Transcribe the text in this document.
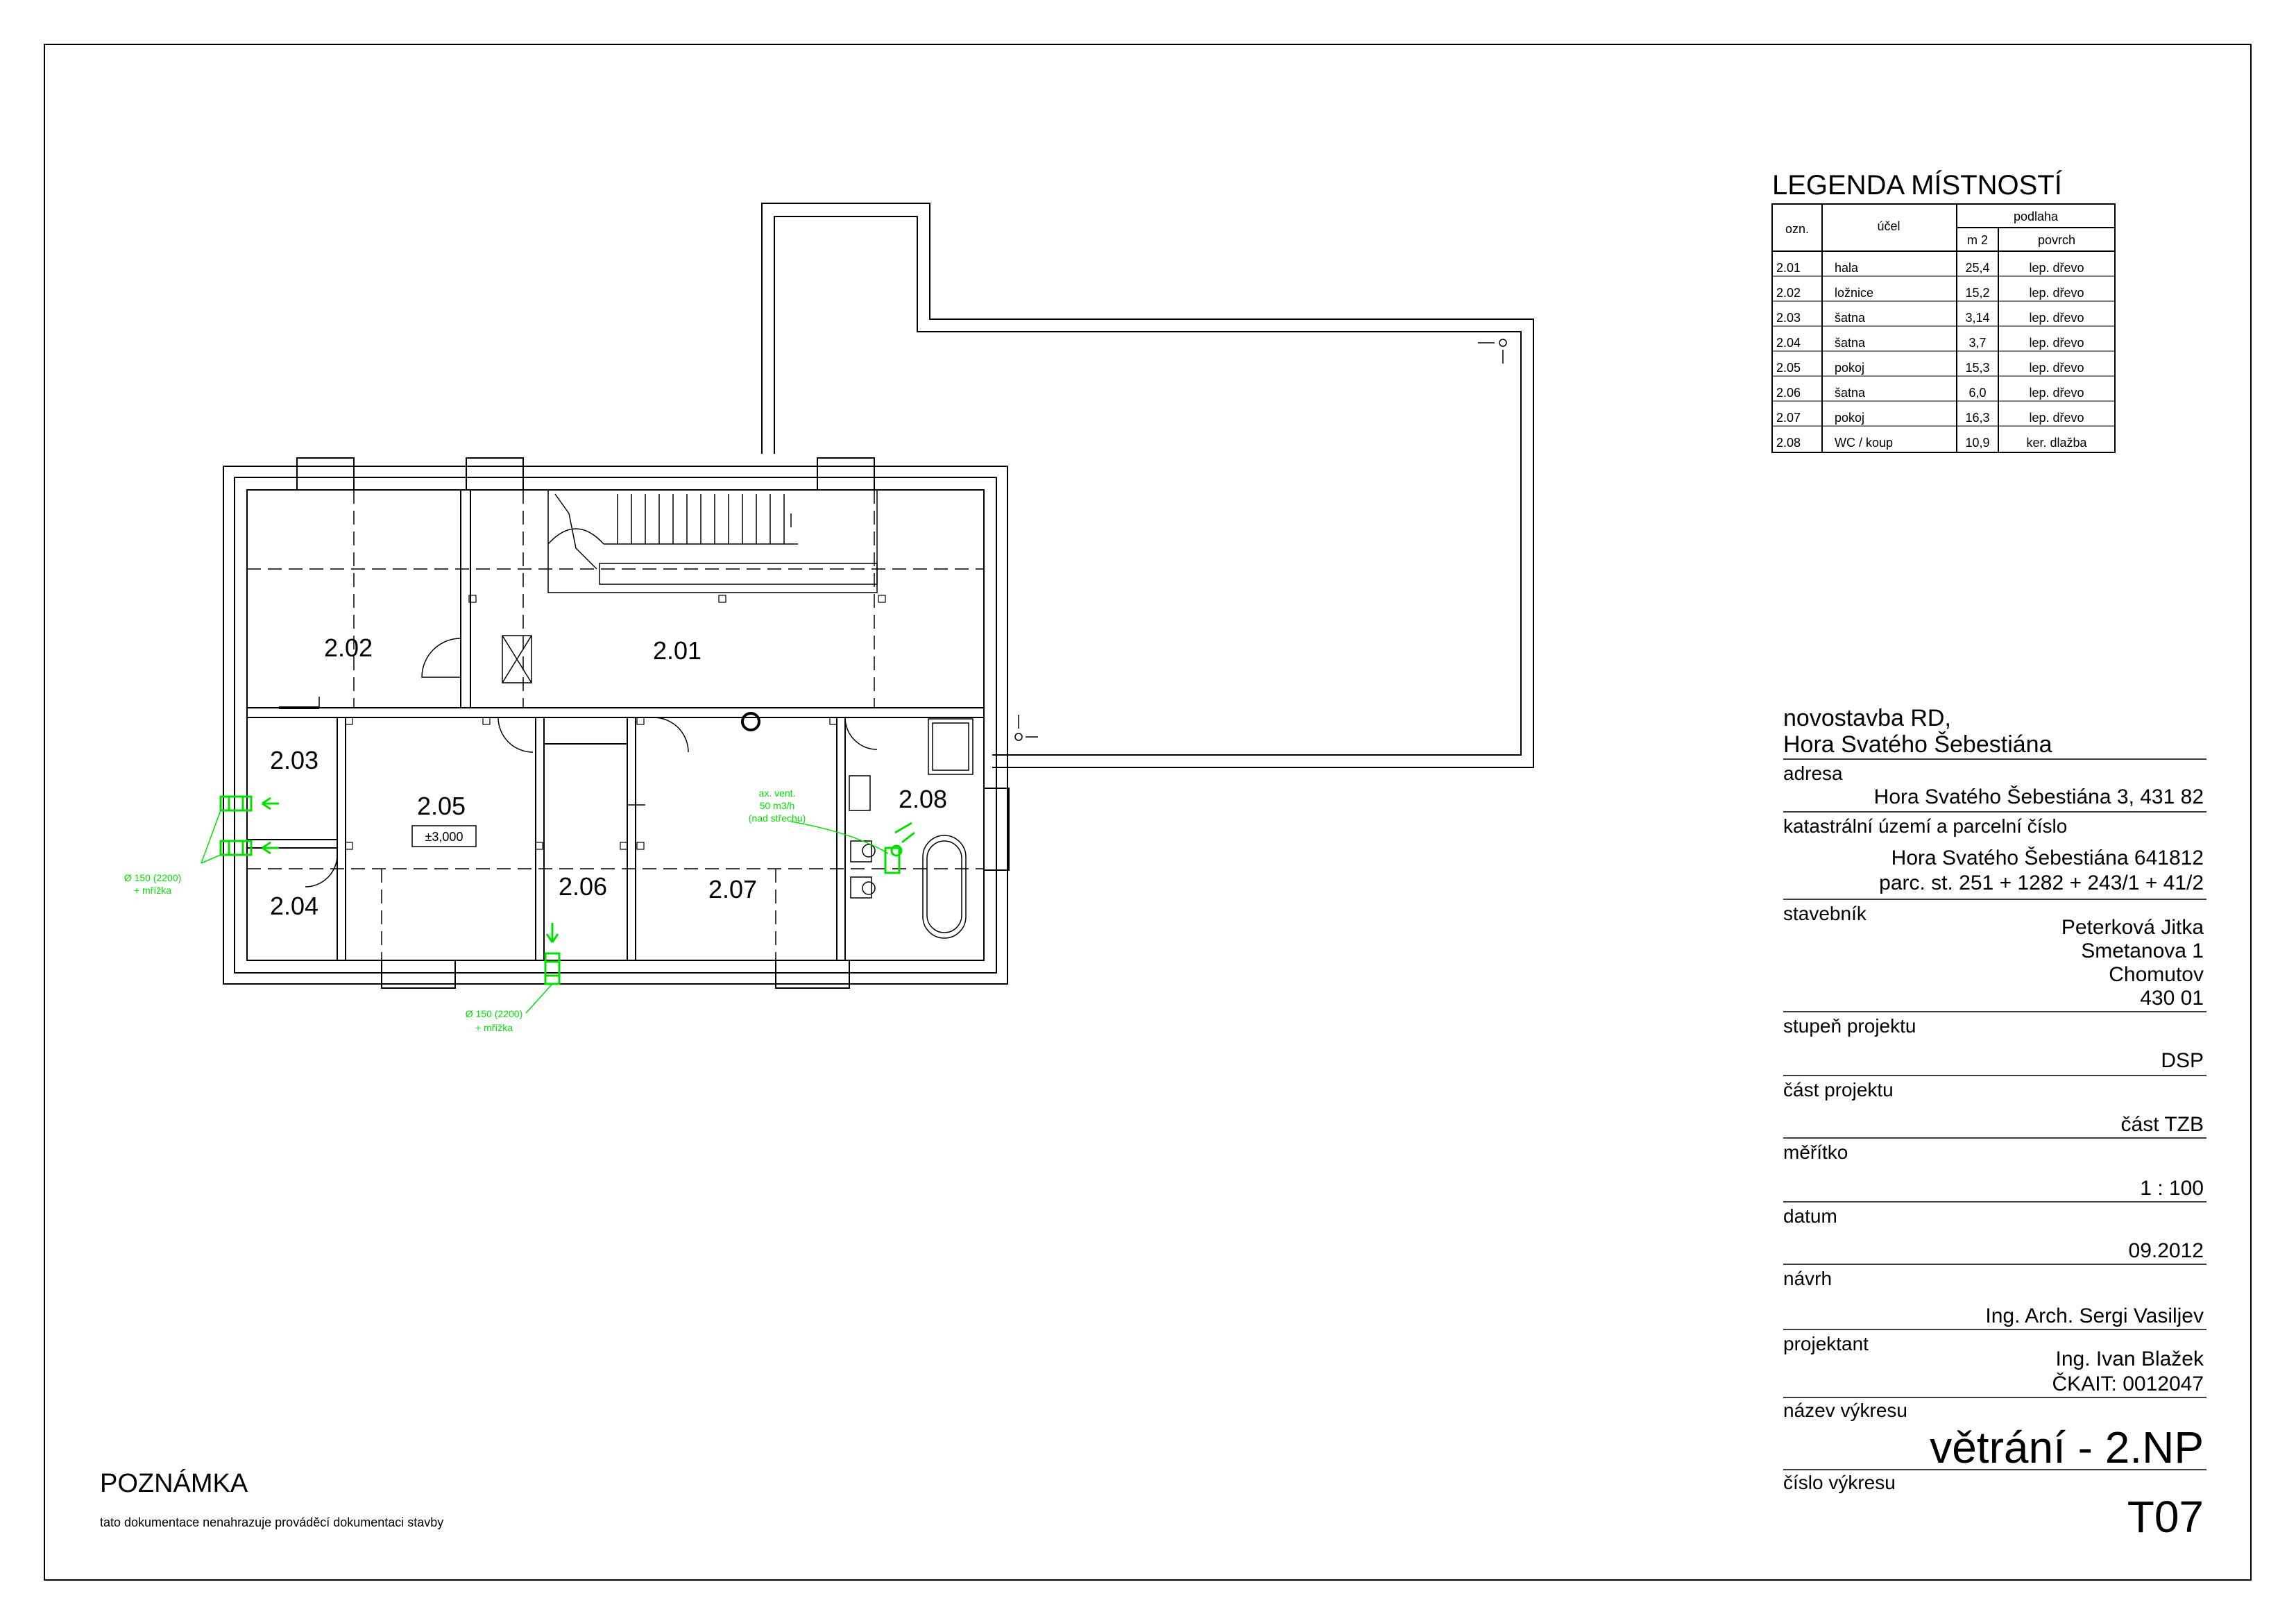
Ø 150 (2200)
+ mřížka
Ø 150 (2200)
+ mřížka
ax. vent.
50 m3/h
(nad střechu)
2.02	2.01
2.03
2.04
2.05
2.06	2.07
2.08
±3,000
LEGENDA MÍSTNOSTÍ
ozn.	účel
podlaha
m 2	povrch
2.01	hala	25,4	lep. dřevo
2.02	ložnice	15,2	lep. dřevo
2.03	šatna	3,14	lep. dřevo
2.04	šatna	3,7	lep. dřevo
2.05	pokoj	15,3	lep. dřevo
2.06	šatna	6,0	lep. dřevo
2.07	pokoj	16,3	lep. dřevo
2.08	WC / koup	10,9	ker. dlažba
novostavba RD,
Hora Svatého Šebestiána
adresa
Hora Svatého Šebestiána 3, 431 82
katastrální území a parcelní číslo
Hora Svatého Šebestiána 641812
parc. st. 251 + 1282 + 243/1 + 41/2
stavebník
Peterková Jitka
Smetanova 1
Chomutov
430 01
stupeň projektu
DSP
část projektu
část TZB
měřítko
1 : 100
datum
09.2012
návrh
Ing. Arch. Sergi Vasiljev
projektant
Ing. Ivan Blažek
ČKAIT: 0012047
název výkresu
větrání - 2.NP
číslo výkresu
T07
POZNÁMKA
tato dokumentace nenahrazuje prováděcí dokumentaci stavby
